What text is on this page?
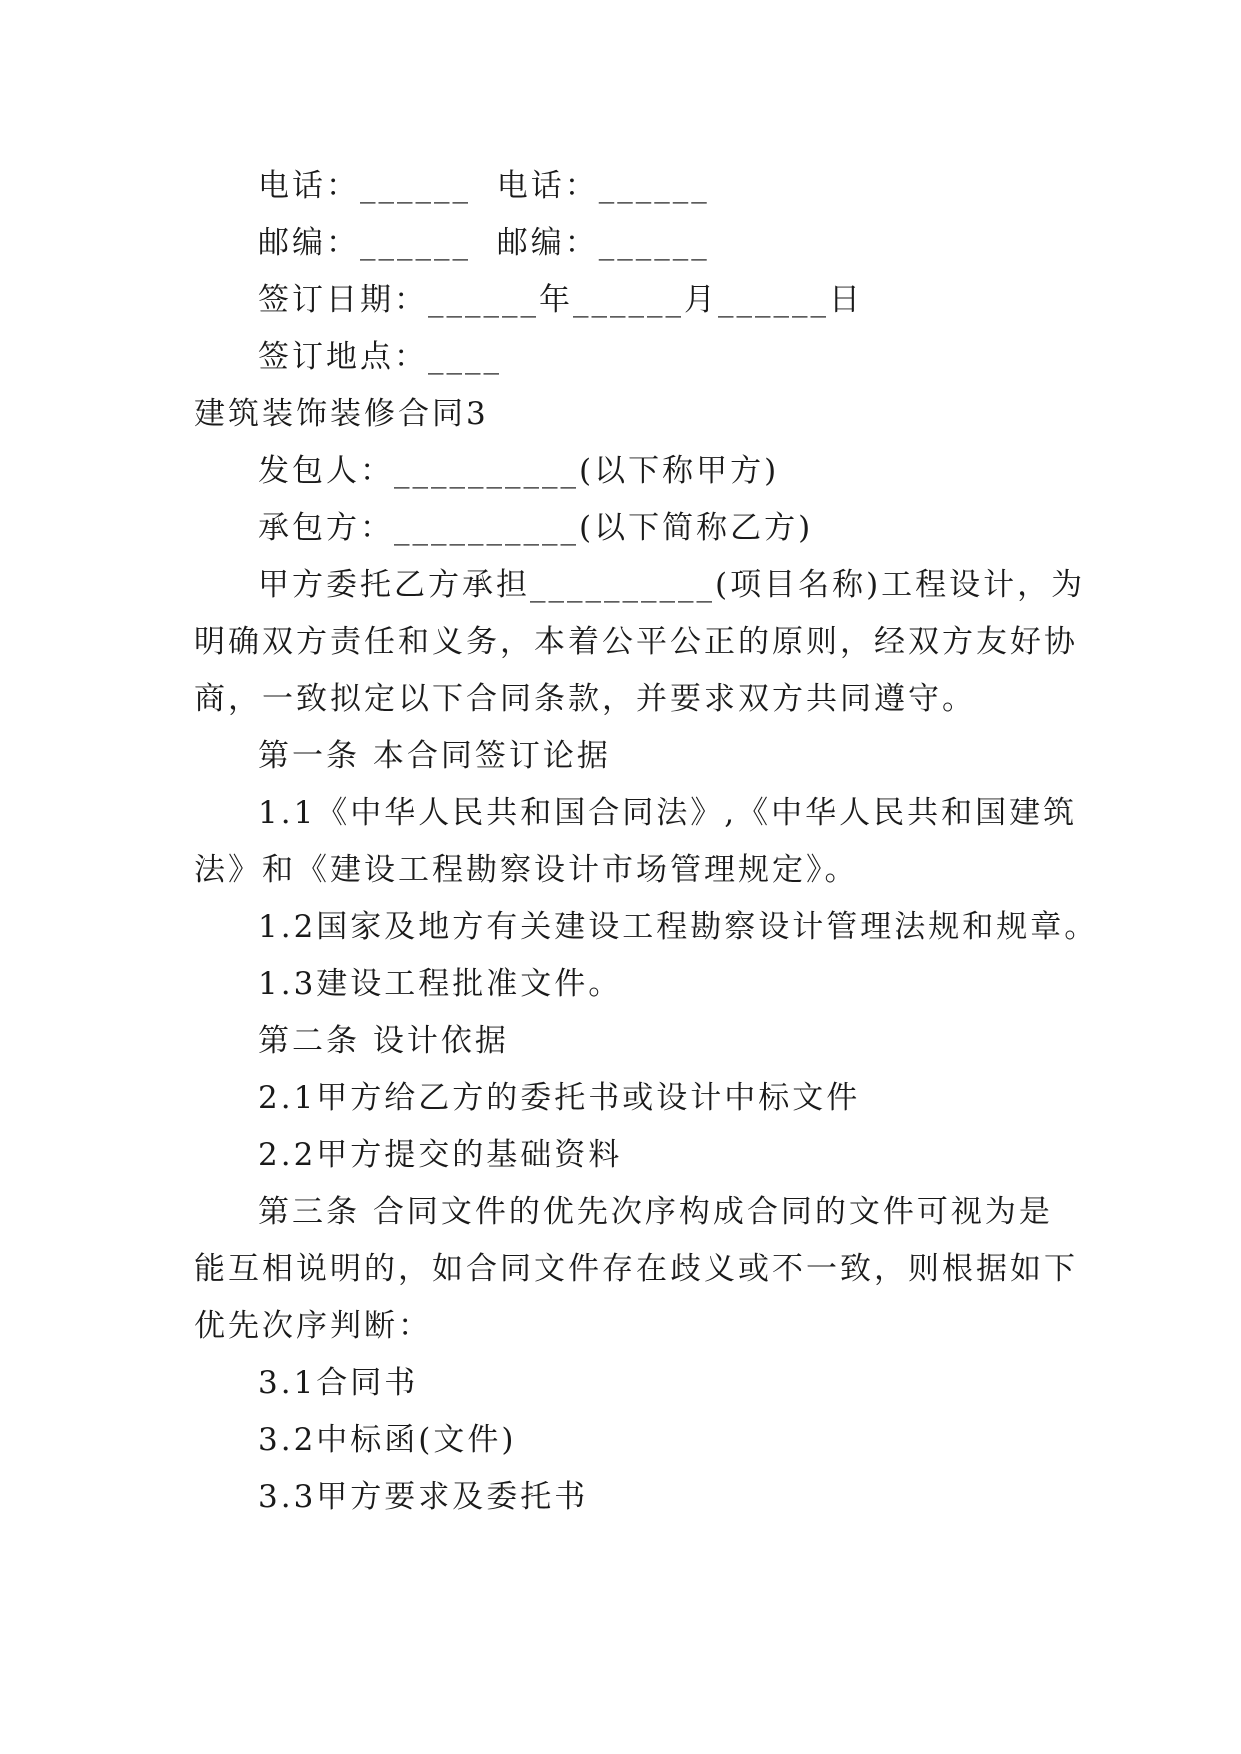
电话：______  电话：______
邮编：______  邮编：______
签订日期：______年______月______日
签订地点：____
建筑装饰装修合同3
发包人：__________(以下称甲方)
承包方：__________(以下简称乙方)
甲方委托乙方承担__________(项目名称)工程设计，为
明确双方责任和义务，本着公平公正的原则，经双方友好协
商，一致拟定以下合同条款，并要求双方共同遵守。
第一条 本合同签订论据
1.1《中华人民共和国合同法》,《中华人民共和国建筑
法》和《建设工程勘察设计市场管理规定》。
1.2国家及地方有关建设工程勘察设计管理法规和规章。
1.3建设工程批准文件。
第二条 设计依据
2.1甲方给乙方的委托书或设计中标文件
2.2甲方提交的基础资料
第三条 合同文件的优先次序构成合同的文件可视为是
能互相说明的，如合同文件存在歧义或不一致，则根据如下
优先次序判断：
3.1合同书
3.2中标函(文件)
3.3甲方要求及委托书
